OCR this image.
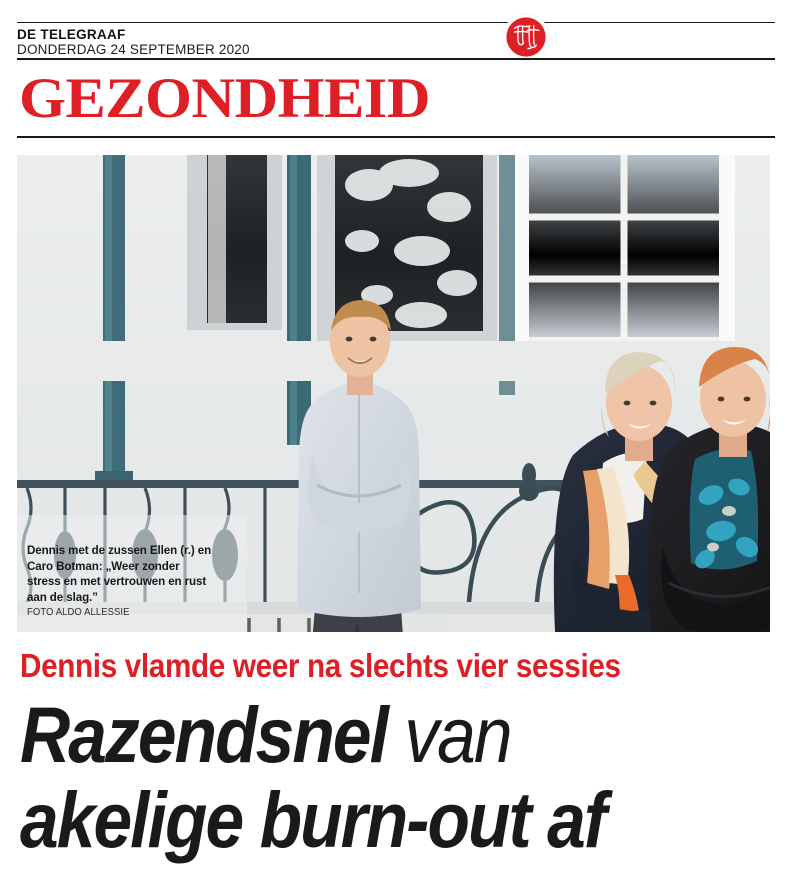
DE TELEGRAAF
DONDERDAG 24 SEPTEMBER 2020
GEZONDHEID
Dennis met de zussen Ellen (r.) en Caro Botman: „Weer zonder stress en met vertrouwen en rust aan de slag.”
FOTO ALDO ALLESSIE
Dennis vlamde weer na slechts vier sessies
Razendsnel van
akelige burn-out af
